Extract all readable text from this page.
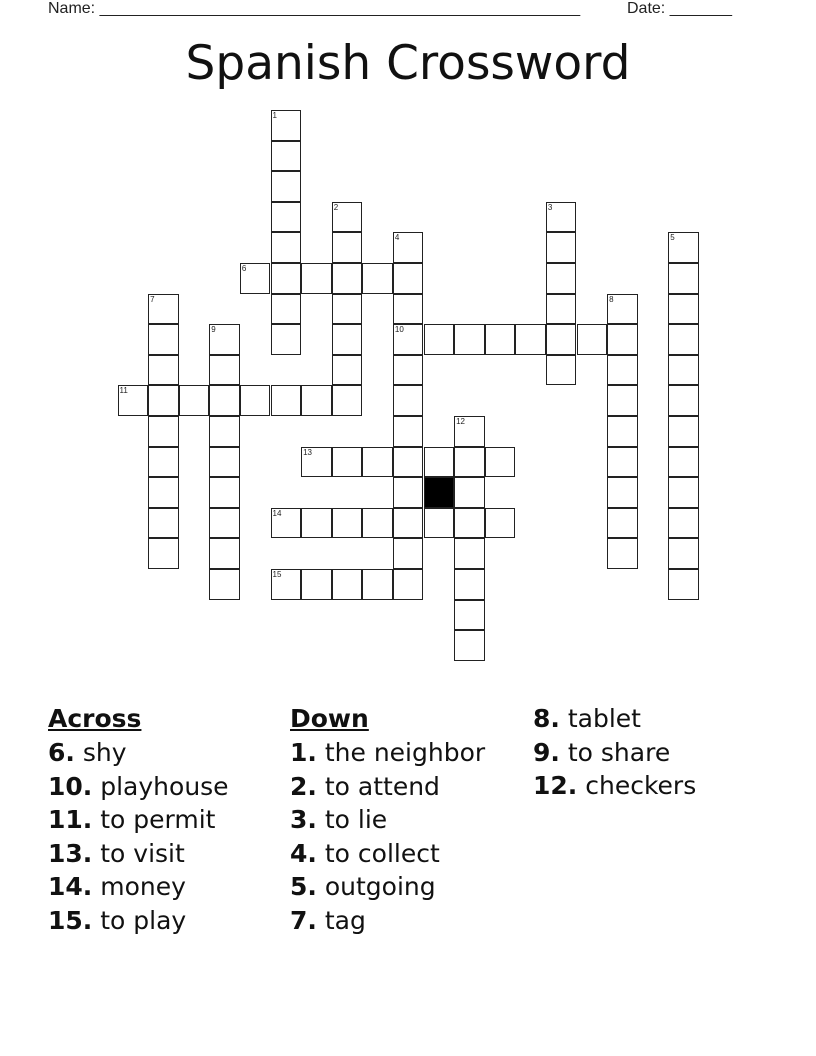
Name: ______________________________________________________	Date: _______
Spanish Crossword
1
2	3
4	5
6
7	8
9	10
11
12
13
14
15
Across
6. shy
10. playhouse
11. to permit
13. to visit
14. money
15. to play
Down
1. the neighbor
2. to attend
3. to lie
4. to collect
5. outgoing
7. tag
8. tablet
9. to share
12. checkers
